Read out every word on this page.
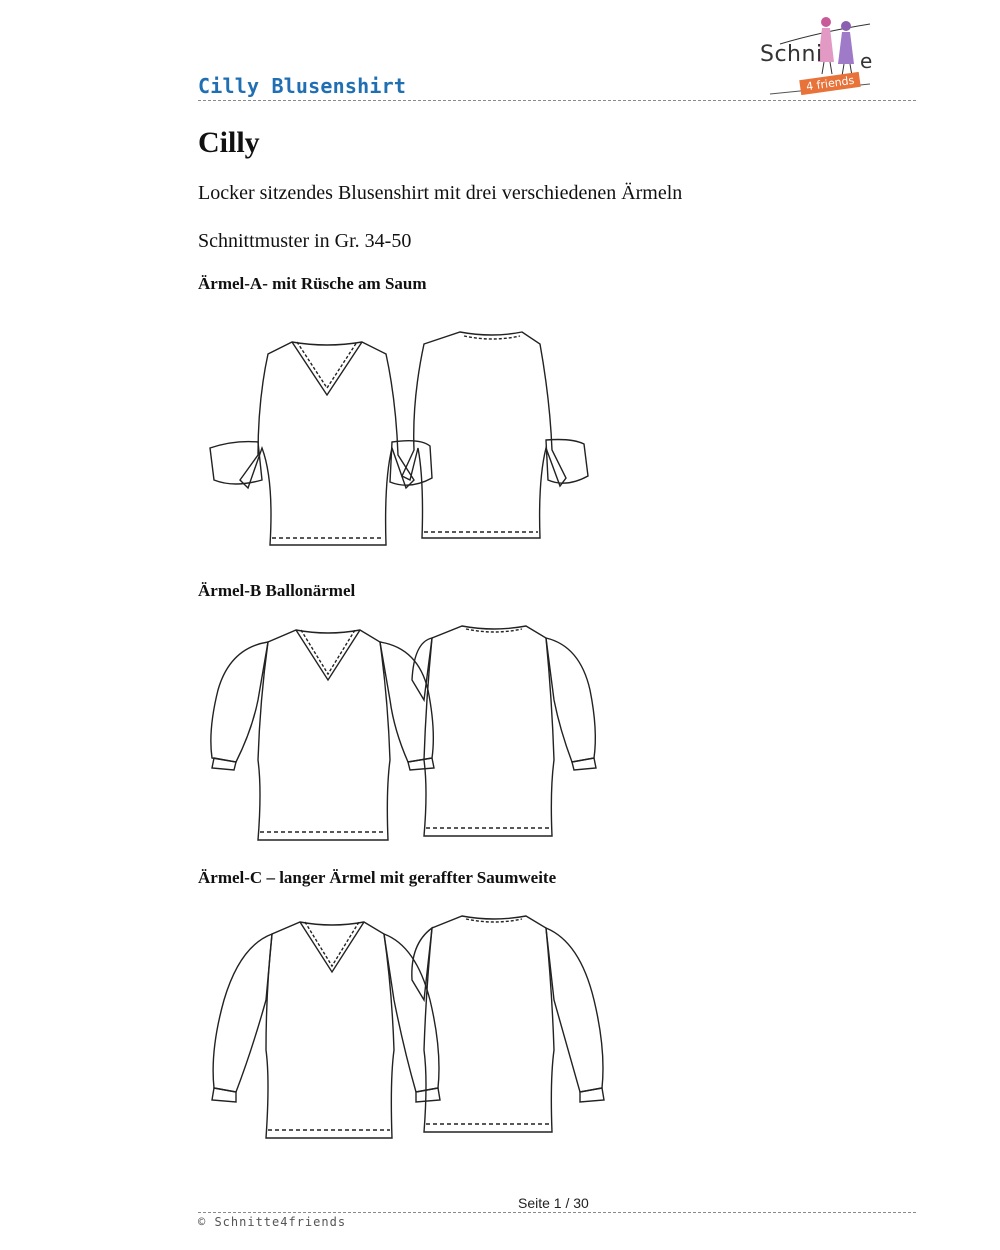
Cilly Blusenshirt
Schni e
4 friends
Cilly
Locker sitzendes Blusenshirt mit drei verschiedenen Ärmeln
Schnittmuster in Gr. 34-50
Ärmel-A- mit Rüsche am Saum
Ärmel-B Ballonärmel
Ärmel-C – langer Ärmel mit geraffter Saumweite
Seite 1 / 30
© Schnitte4friends
